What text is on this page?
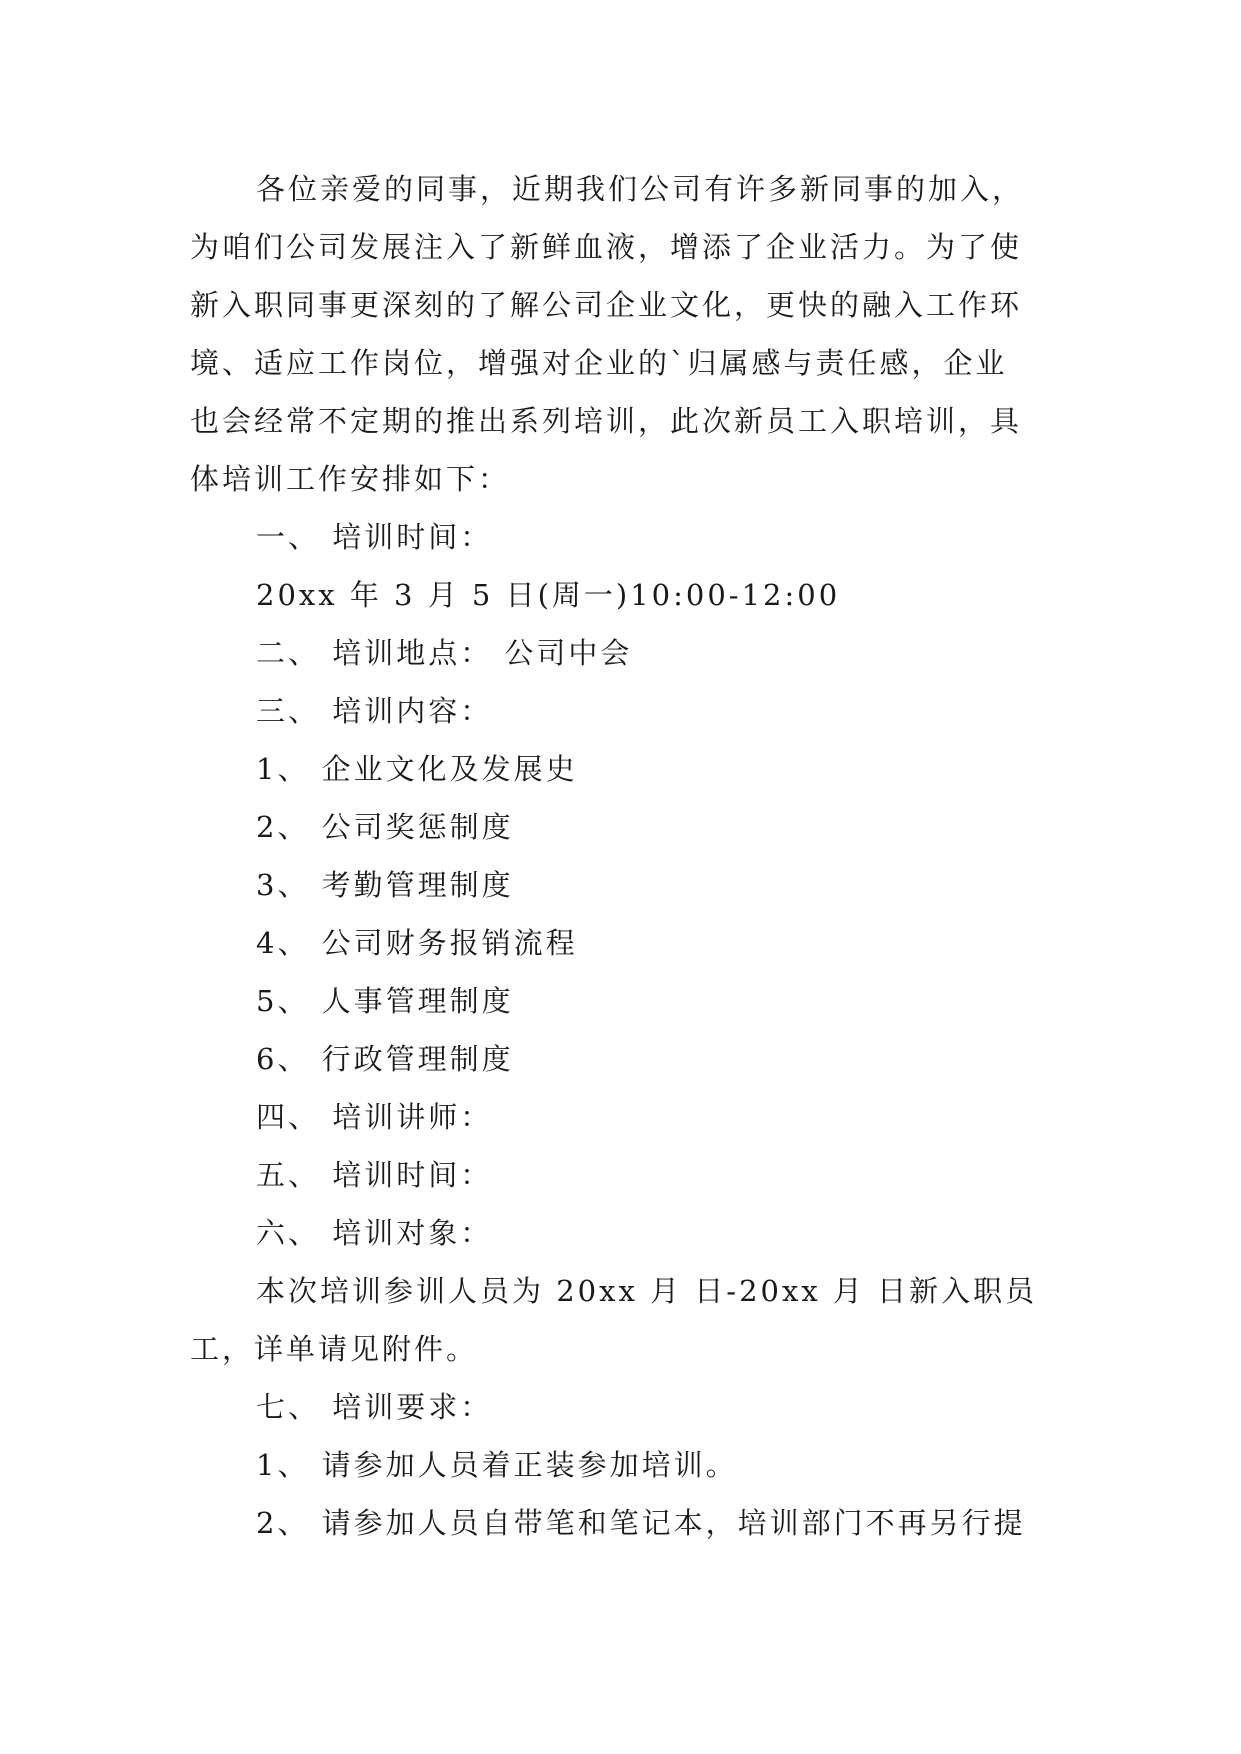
各位亲爱的同事，近期我们公司有许多新同事的加入，

为咱们公司发展注入了新鲜血液，增添了企业活力。为了使

新入职同事更深刻的了解公司企业文化，更快的融入工作环

境、适应工作岗位，增强对企业的`归属感与责任感，企业

也会经常不定期的推出系列培训，此次新员工入职培训，具

体培训工作安排如下：

一、 培训时间：

20xx 年 3 月 5 日(周一)10:00-12:00

二、 培训地点： 公司中会

三、 培训内容：

1、 企业文化及发展史

2、 公司奖惩制度

3、 考勤管理制度

4、 公司财务报销流程

5、 人事管理制度

6、 行政管理制度

四、 培训讲师：

五、 培训时间：

六、 培训对象：

本次培训参训人员为 20xx 月 日-20xx 月 日新入职员

工，详单请见附件。

七、 培训要求：

1、 请参加人员着正装参加培训。

2、 请参加人员自带笔和笔记本，培训部门不再另行提
